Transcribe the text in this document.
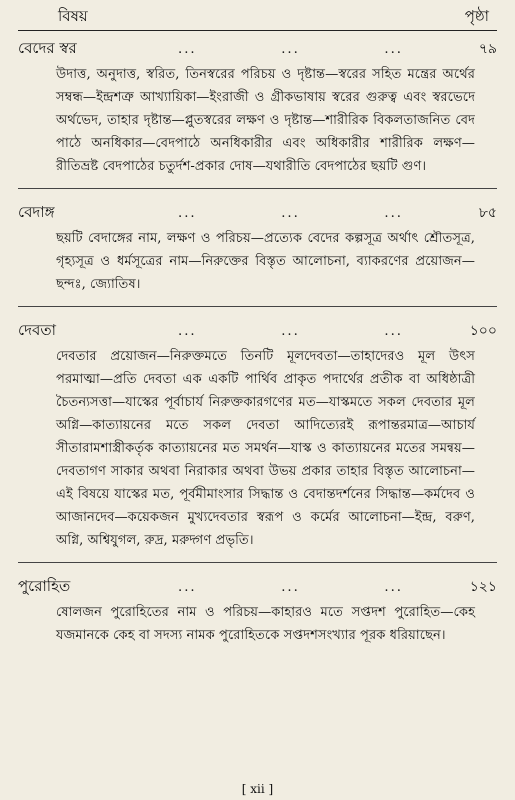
বিষয়	পৃষ্ঠা
বেদের স্বর	...	...	...	৭৯

উদাত্ত, অনুদাত্ত, স্বরিত, তিনস্বরের পরিচয় ও দৃষ্টান্ত—স্বরের সহিত মন্ত্রের অর্থের সম্বন্ধ—ইন্দ্রশত্রু আখ্যায়িকা—ইংরাজী ও গ্রীকভাষায় স্বরের গুরুত্ব এবং স্বরভেদে অর্থভেদ, তাহার দৃষ্টান্ত—প্লুতস্বরের লক্ষণ ও দৃষ্টান্ত—শারীরিক বিকলতাজনিত বেদ পাঠে অনধিকার—বেদপাঠে অনধিকারীর এবং অধিকারীর শারীরিক লক্ষণ—রীতিভ্রষ্ট বেদপাঠের চতুর্দশ-প্রকার দোষ—যথারীতি বেদপাঠের ছয়টি গুণ।

বেদাঙ্গ	...	...	...	৮৫

ছয়টি বেদাঙ্গের নাম, লক্ষণ ও পরিচয়—প্রত্যেক বেদের কল্পসূত্র অর্থাৎ শ্রৌতসূত্র, গৃহ্যসূত্র ও ধর্মসূত্রের নাম—নিরুক্তের বিস্তৃত আলোচনা, ব্যাকরণের প্রয়োজন—ছন্দঃ, জ্যোতিষ।

দেবতা	...	...	...	১০০

দেবতার প্রয়োজন—নিরুক্তমতে তিনটি মূলদেবতা—তাহাদেরও মূল উৎস পরমাত্মা—প্রতি দেবতা এক একটি পার্থিব প্রাকৃত পদার্থের প্রতীক বা অধিষ্ঠাত্রী চৈতন্যসত্তা—যাস্কের পূর্বাচার্য নিরুক্তকারগণের মত—যাস্কমতে সকল দেবতার মূল অগ্নি—কাত্যায়নের মতে সকল দেবতা আদিত্যেরই রূপান্তরমাত্র—আচার্য সীতারামশাস্ত্রীকর্তৃক কাত্যায়নের মত সমর্থন—যাস্ক ও কাত্যায়নের মতের সমন্বয়—দেবতাগণ সাকার অথবা নিরাকার অথবা উভয় প্রকার তাহার বিস্তৃত আলোচনা—এই বিষয়ে যাস্কের মত, পূর্বমীমাংসার সিদ্ধান্ত ও বেদান্তদর্শনের সিদ্ধান্ত—কর্মদেব ও আজানদেব—কয়েকজন মুখ্যদেবতার স্বরূপ ও কর্মের আলোচনা—ইন্দ্র, বরুণ, অগ্নি, অশ্বিযুগল, রুদ্র, মরুদ্গণ প্রভৃতি।

পুরোহিত	...	...	...	১২১

ষোলজন পুরোহিতের নাম ও পরিচয়—কাহারও মতে সপ্তদশ পুরোহিত—কেহ যজমানকে কেহ বা সদস্য নামক পুরোহিতকে সপ্তদশসংখ্যার পূরক ধরিয়াছেন।

[ xii ]
